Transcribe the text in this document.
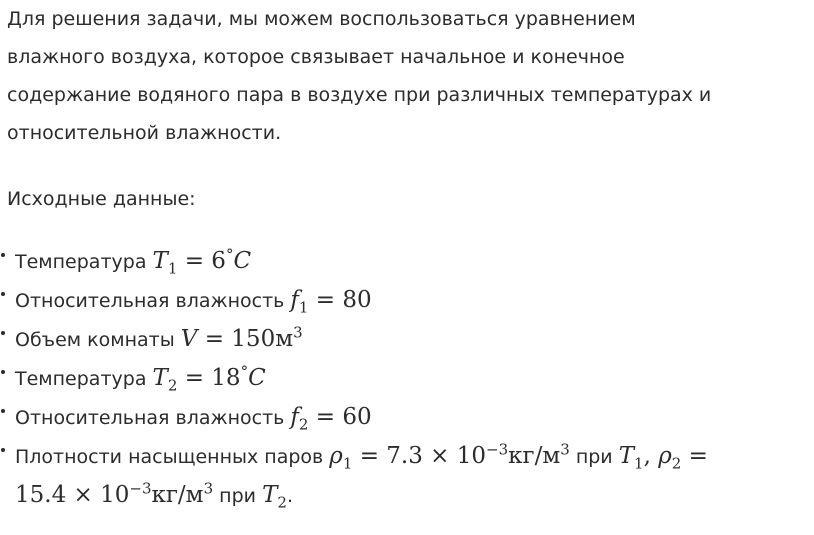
Для решения задачи, мы можем воспользоваться уравнением
влажного воздуха, которое связывает начальное и конечное
содержание водяного пара в воздухе при различных температурах и
относительной влажности.

Исходные данные:

Температура $T_1 = 6^\circ C$
Относительная влажность $f_1 = 80$
Объем комнаты $V = 150м^3$
Температура $T_2 = 18^\circ C$
Относительная влажность $f_2 = 60$
Плотности насыщенных паров $\rho_1 = 7.3 \times 10^{-3}кг/м^3$ при $T_1$, $\rho_2$ =
$15.4 \times 10^{-3}кг/м^3$ при $T_2$.
